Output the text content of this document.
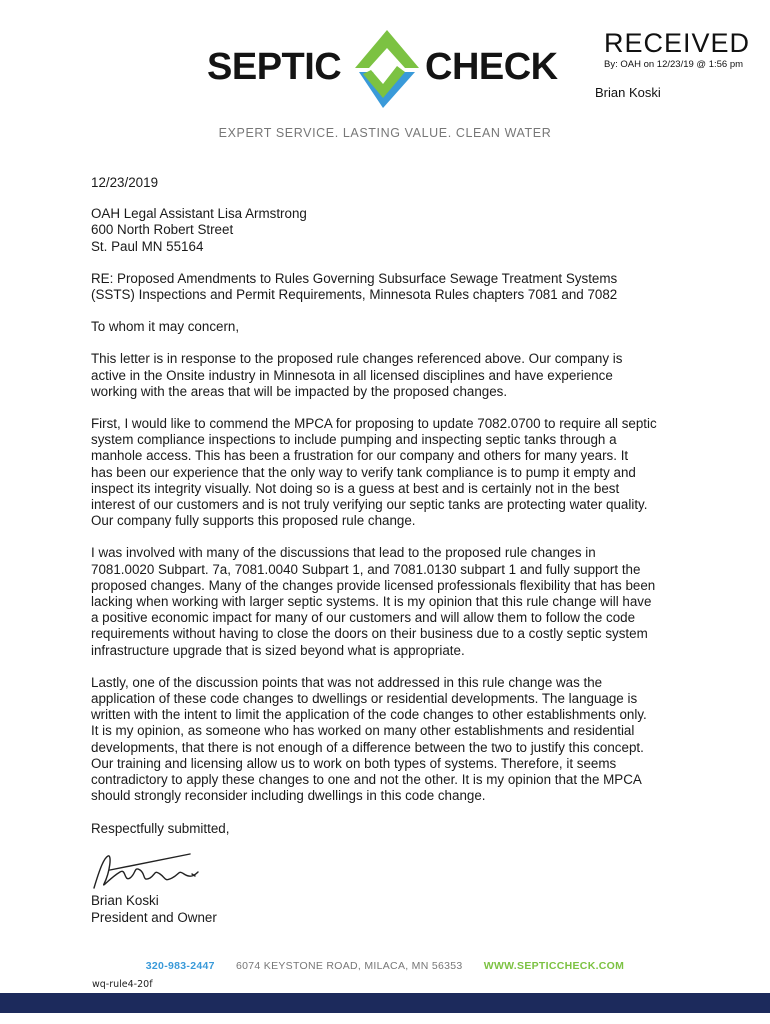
SEPTIC CHECK
EXPERT SERVICE. LASTING VALUE. CLEAN WATER
RECEIVED
By: OAH on 12/23/19 @ 1:56 pm
Brian Koski

12/23/2019

OAH Legal Assistant Lisa Armstrong
600 North Robert Street
St. Paul MN 55164

RE: Proposed Amendments to Rules Governing Subsurface Sewage Treatment Systems
(SSTS) Inspections and Permit Requirements, Minnesota Rules chapters 7081 and 7082

To whom it may concern,

This letter is in response to the proposed rule changes referenced above. Our company is
active in the Onsite industry in Minnesota in all licensed disciplines and have experience
working with the areas that will be impacted by the proposed changes.

First, I would like to commend the MPCA for proposing to update 7082.0700 to require all septic
system compliance inspections to include pumping and inspecting septic tanks through a
manhole access. This has been a frustration for our company and others for many years. It
has been our experience that the only way to verify tank compliance is to pump it empty and
inspect its integrity visually. Not doing so is a guess at best and is certainly not in the best
interest of our customers and is not truly verifying our septic tanks are protecting water quality.
Our company fully supports this proposed rule change.

I was involved with many of the discussions that lead to the proposed rule changes in
7081.0020 Subpart. 7a, 7081.0040 Subpart 1, and 7081.0130 subpart 1 and fully support the
proposed changes. Many of the changes provide licensed professionals flexibility that has been
lacking when working with larger septic systems. It is my opinion that this rule change will have
a positive economic impact for many of our customers and will allow them to follow the code
requirements without having to close the doors on their business due to a costly septic system
infrastructure upgrade that is sized beyond what is appropriate.

Lastly, one of the discussion points that was not addressed in this rule change was the
application of these code changes to dwellings or residential developments. The language is
written with the intent to limit the application of the code changes to other establishments only.
It is my opinion, as someone who has worked on many other establishments and residential
developments, that there is not enough of a difference between the two to justify this concept.
Our training and licensing allow us to work on both types of systems. Therefore, it seems
contradictory to apply these changes to one and not the other. It is my opinion that the MPCA
should strongly reconsider including dwellings in this code change.

Respectfully submitted,

Brian Koski
President and Owner
320-983-2447 6074 KEYSTONE ROAD, MILACA, MN 56353 WWW.SEPTICCHECK.COM
wq-rule4-20f
